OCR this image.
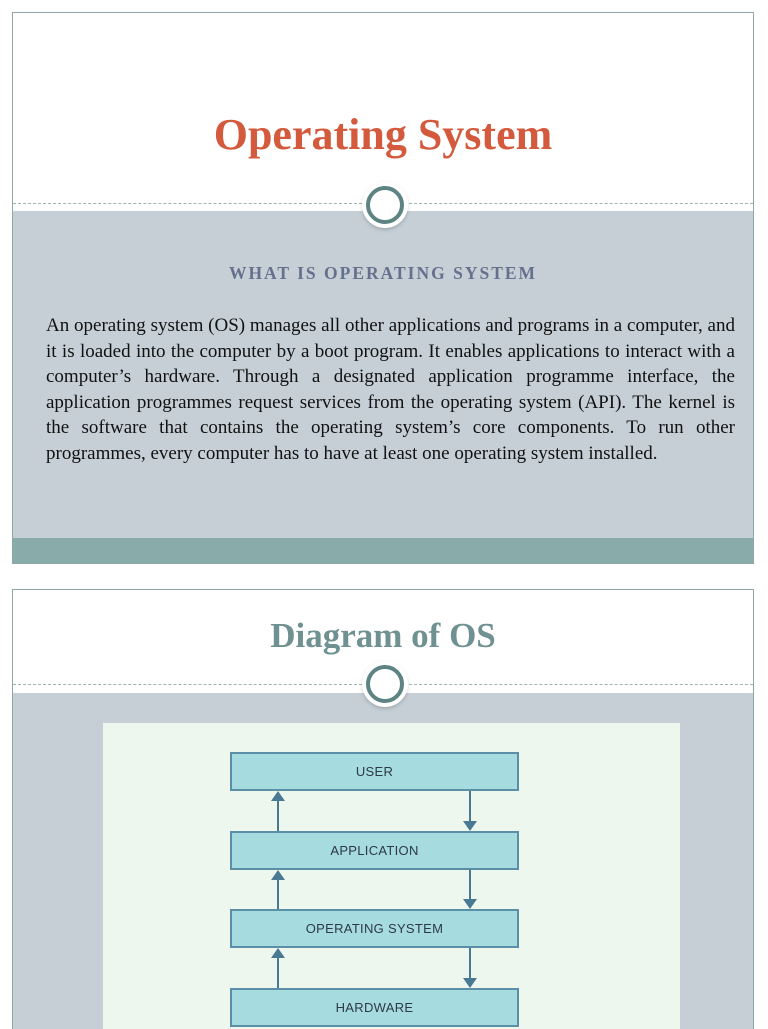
Operating System
WHAT IS OPERATING SYSTEM

An operating system (OS) manages all other applications and programs in a computer, and it is loaded into the computer by a boot program. It enables applications to interact with a computer’s hardware. Through a designated application programme interface, the application programmes request services from the operating system (API). The kernel is the software that contains the operating system’s core components. To run other programmes, every computer has to have at least one operating system installed.

Diagram of OS
USER
APPLICATION
OPERATING SYSTEM
HARDWARE
